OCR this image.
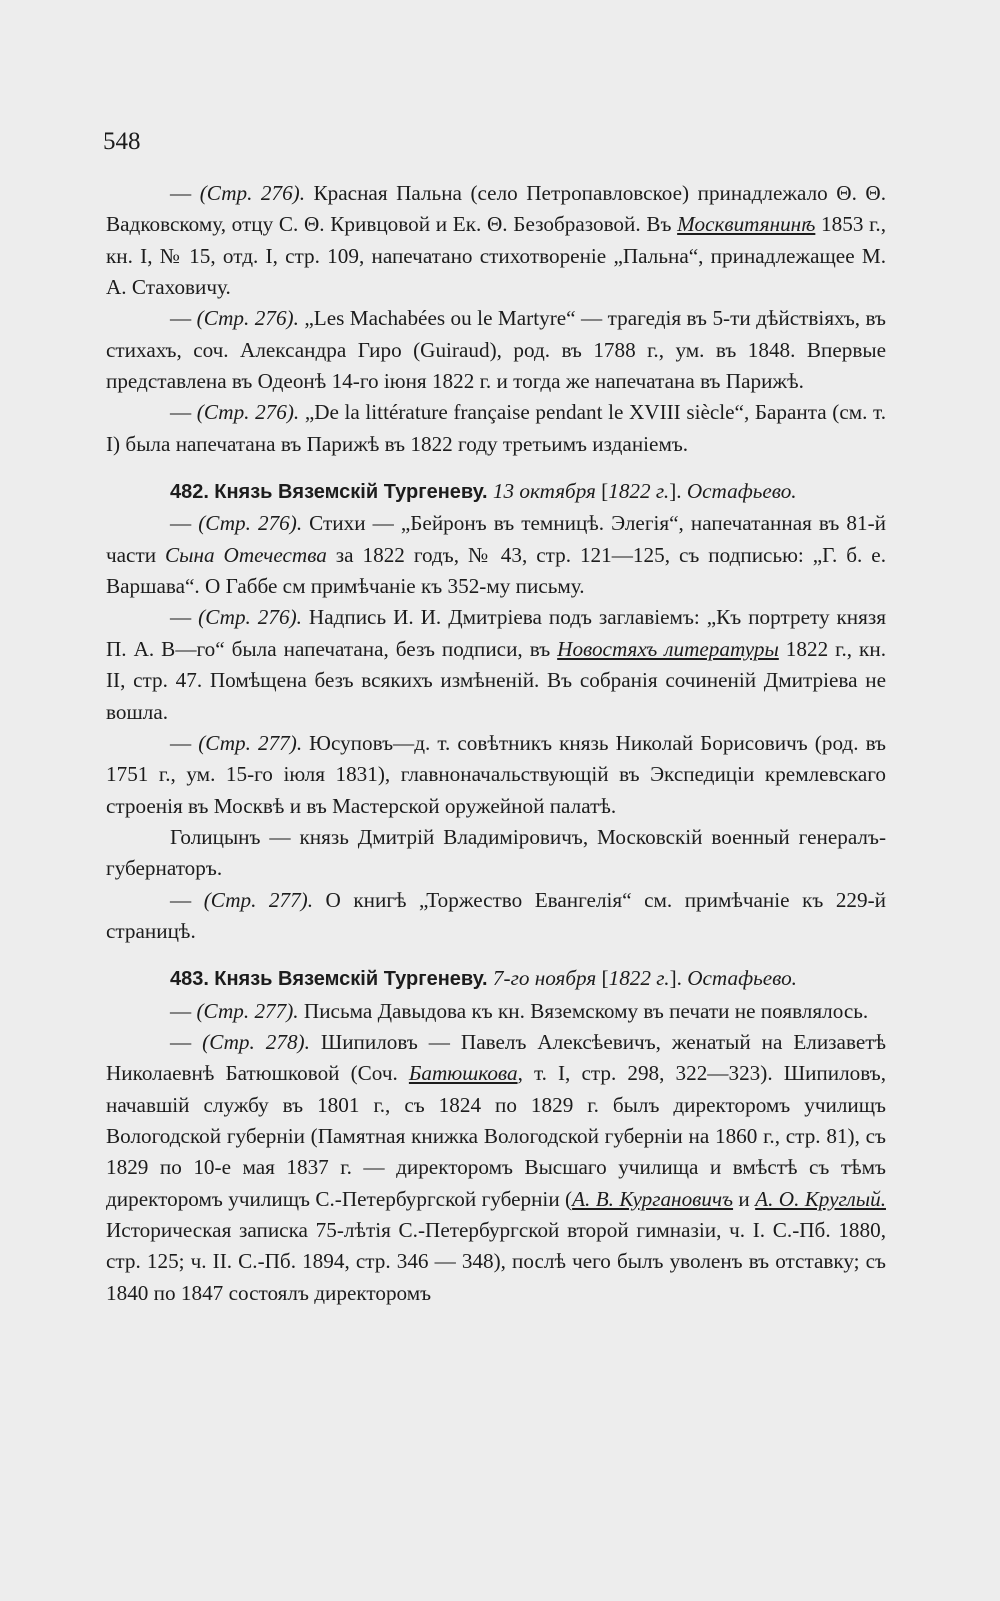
548

— (Стр. 276). Красная Пальна (село Петропавловское) принадлежало Θ. Θ. Вадковскому, отцу С. Θ. Кривцовой и Ек. Θ. Безобразовой. Въ Москвитянинѣ 1853 г., кн. I, № 15, отд. I, стр. 109, напечатано стихотвореніе „Пальна“, принадлежащее М. А. Стаховичу.

— (Стр. 276). „Les Machabées ou le Martyre“ — трагедія въ 5-ти дѣйствіяхъ, въ стихахъ, соч. Александра Гиро (Guiraud), род. въ 1788 г., ум. въ 1848. Впервые представлена въ Одеонѣ 14-го іюня 1822 г. и тогда же напечатана въ Парижѣ.

— (Стр. 276). „De la littérature française pendant le XVIII siècle“, Баранта (см. т. I) была напечатана въ Парижѣ въ 1822 году третьимъ изданіемъ.

482. Князь Вяземскій Тургеневу. 13 октября [1822 г.]. Остафьево.

— (Стр. 276). Стихи — „Бейронъ въ темницѣ. Элегія“, напечатанная въ 81-й части Сына Отечества за 1822 годъ, № 43, стр. 121—125, съ подписью: „Г. б. е. Варшава“. О Габбе см примѣчаніе къ 352-му письму.

— (Стр. 276). Надпись И. И. Дмитріева подъ заглавіемъ: „Къ портрету князя П. А. В—го“ была напечатана, безъ подписи, въ Новостяхъ литературы 1822 г., кн. II, стр. 47. Помѣщена безъ всякихъ измѣненій. Въ собранія сочиненій Дмитріева не вошла.

— (Стр. 277). Юсуповъ—д. т. совѣтникъ князь Николай Борисовичъ (род. въ 1751 г., ум. 15-го іюля 1831), главноначальствующій въ Экспедиціи кремлевскаго строенія въ Москвѣ и въ Мастерской оружейной палатѣ.

Голицынъ — князь Дмитрій Владиміровичъ, Московскій военный генералъ-губернаторъ.

— (Стр. 277). О книгѣ „Торжество Евангелія“ см. примѣчаніе къ 229-й страницѣ.

483. Князь Вяземскій Тургеневу. 7-го ноября [1822 г.]. Остафьево.

— (Стр. 277). Письма Давыдова къ кн. Вяземскому въ печати не появлялось.

— (Стр. 278). Шипиловъ — Павелъ Алексѣевичъ, женатый на Елизаветѣ Николаевнѣ Батюшковой (Соч. Батюшкова, т. I, стр. 298, 322—323). Шипиловъ, начавшій службу въ 1801 г., съ 1824 по 1829 г. былъ директоромъ училищъ Вологодской губерніи (Памятная книжка Вологодской губерніи на 1860 г., стр. 81), съ 1829 по 10-е мая 1837 г. — директоромъ Высшаго училища и вмѣстѣ съ тѣмъ директоромъ училищъ С.-Петербургской губерніи (А. В. Кургановичъ и А. О. Круглый. Историческая записка 75-лѣтія С.-Петербургской второй гимназіи, ч. I. С.-Пб. 1880, стр. 125; ч. II. С.-Пб. 1894, стр. 346 — 348), послѣ чего былъ уволенъ въ отставку; съ 1840 по 1847 состоялъ директоромъ
